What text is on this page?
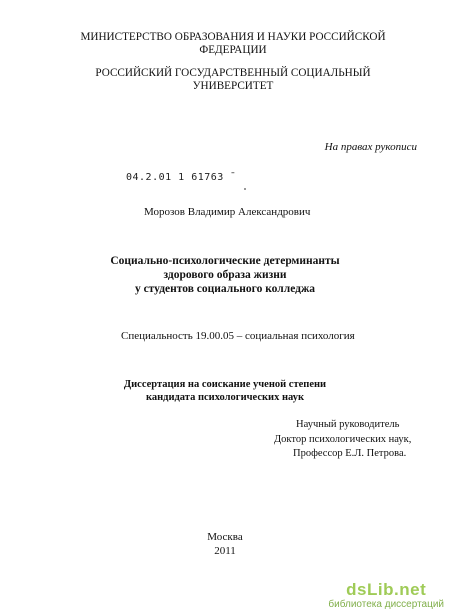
МИНИСТЕРСТВО ОБРАЗОВАНИЯ И НАУКИ РОССИЙСКОЙ
ФЕДЕРАЦИИ
РОССИЙСКИЙ ГОСУДАРСТВЕННЫЙ СОЦИАЛЬНЫЙ
УНИВЕРСИТЕТ
На правах рукописи
04.2.01 1 61763 ̄
Морозов Владимир Александрович
Социально-психологические детерминанты
здорового образа жизни
у студентов социального колледжа
Специальность 19.00.05 – социальная психология
Диссертация на соискание ученой степени
кандидата психологических наук
Научный руководитель
Доктор психологических наук,
Профессор Е.Л. Петрова.
Москва
2011
dsLib.net
библиотека диссертаций
